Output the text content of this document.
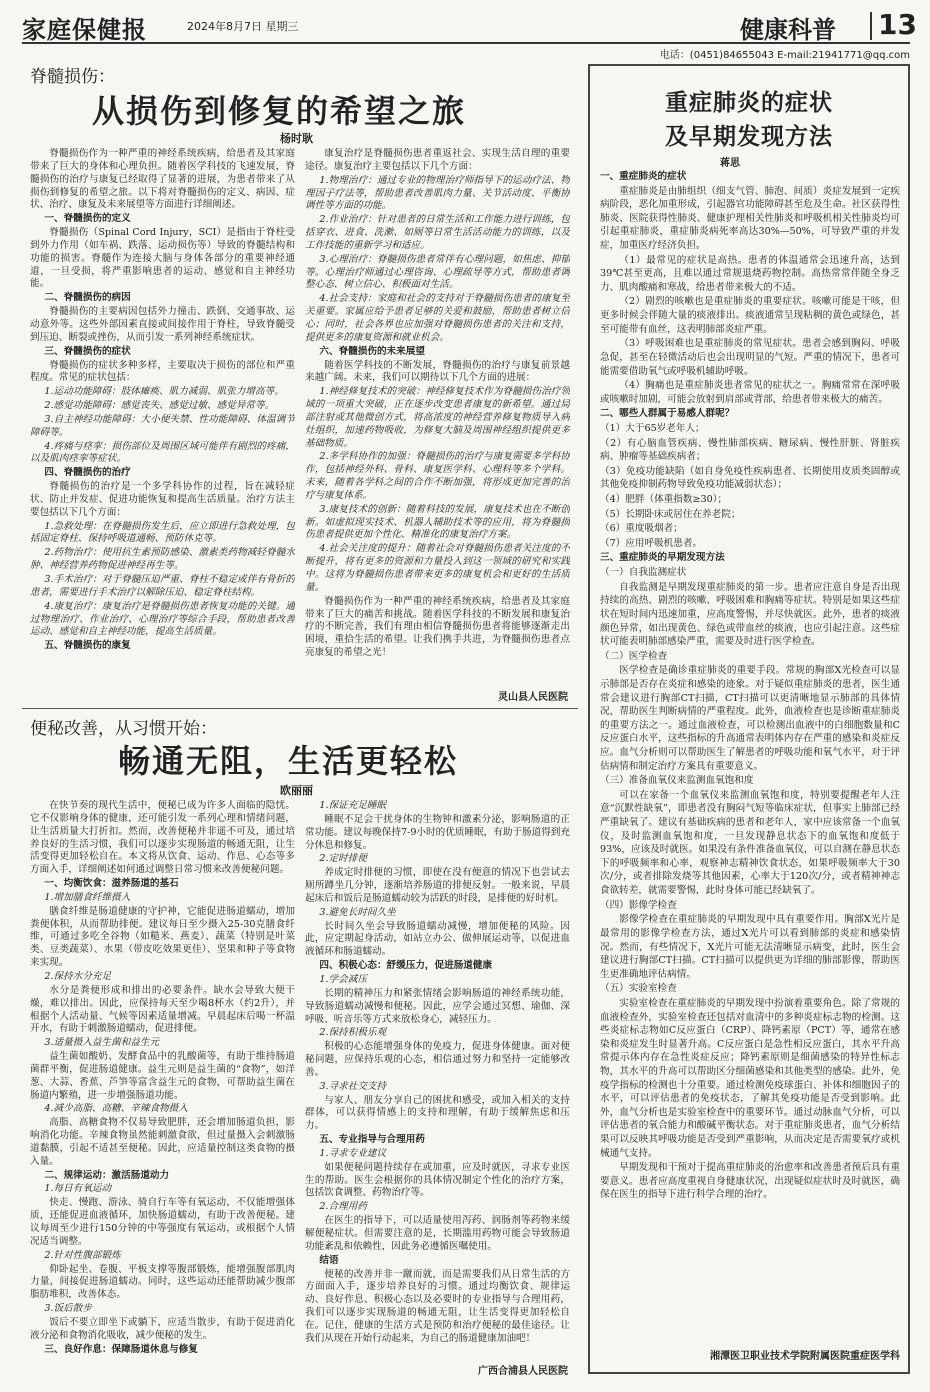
家庭保健报	2024年8月7日 星期三	健康科普 13
电话：(0451)84655043 E-mail:21941771@qq.com
脊髓损伤：
从损伤到修复的希望之旅
杨时耿

脊髓损伤作为一种严重的神经系统疾病，给患者及其家庭带来了巨大的身体和心理负担。随着医学科技的飞速发展，脊髓损伤的治疗与康复已经取得了显著的进展，为患者带来了从损伤到修复的希望之旅。以下将对脊髓损伤的定义、病因、症状、治疗、康复及未来展望等方面进行详细阐述。

一、脊髓损伤的定义

脊髓损伤（Spinal Cord Injury，SCI）是指由于脊柱受到外力作用（如车祸、跌落、运动损伤等）导致的脊髓结构和功能的损害。脊髓作为连接大脑与身体各部分的重要神经通道，一旦受损，将严重影响患者的运动、感觉和自主神经功能。

二、脊髓损伤的病因

脊髓损伤的主要病因包括外力撞击、跌倒、交通事故、运动意外等。这些外部因素直接或间接作用于脊柱，导致脊髓受到压迫、断裂或挫伤，从而引发一系列神经系统症状。

三、脊髓损伤的症状

脊髓损伤的症状多种多样，主要取决于损伤的部位和严重程度。常见的症状包括：

1.运动功能障碍：肢体瘫痪、肌力减弱、肌张力增高等。

2.感觉功能障碍：感觉丧失、感觉过敏、感觉异常等。

3.自主神经功能障碍：大小便失禁、性功能障碍、体温调节障碍等。

4.疼痛与痉挛：损伤部位及周围区域可能伴有剧烈的疼痛，以及肌肉痉挛等症状。

四、脊髓损伤的治疗

脊髓损伤的治疗是一个多学科协作的过程，旨在减轻症状、防止并发症、促进功能恢复和提高生活质量。治疗方法主要包括以下几个方面：

1.急救处理：在脊髓损伤发生后，应立即进行急救处理，包括固定脊柱、保持呼吸道通畅、预防休克等。

2.药物治疗：使用抗生素预防感染、激素类药物减轻脊髓水肿、神经营养药物促进神经再生等。

3.手术治疗：对于脊髓压迫严重、脊柱不稳定或伴有骨折的患者，需要进行手术治疗以解除压迫、稳定脊柱结构。

4.康复治疗：康复治疗是脊髓损伤患者恢复功能的关键。通过物理治疗、作业治疗、心理治疗等综合手段，帮助患者改善运动、感觉和自主神经功能，提高生活质量。

五、脊髓损伤的康复

康复治疗是脊髓损伤患者重返社会、实现生活自理的重要途径。康复治疗主要包括以下几个方面：

1.物理治疗：通过专业的物理治疗师指导下的运动疗法、物理因子疗法等，帮助患者改善肌肉力量、关节活动度、平衡协调性等方面的功能。

2.作业治疗：针对患者的日常生活和工作能力进行训练，包括穿衣、进食、洗漱、如厕等日常生活活动能力的训练，以及工作技能的重新学习和适应。

3.心理治疗：脊髓损伤患者常伴有心理问题，如焦虑、抑郁等。心理治疗师通过心理咨询、心理疏导等方式，帮助患者调整心态、树立信心、积极面对生活。

4.社会支持：家庭和社会的支持对于脊髓损伤患者的康复至关重要。家属应给予患者足够的关爱和鼓励，帮助患者树立信心；同时，社会各界也应加强对脊髓损伤患者的关注和支持，提供更多的康复资源和就业机会。

六、脊髓损伤的未来展望

随着医学科技的不断发展，脊髓损伤的治疗与康复前景越来越广阔。未来，我们可以期待以下几个方面的进展：

1.神经修复技术的突破：神经修复技术作为脊髓损伤治疗领域的一项重大突破，正在逐步改变患者康复的新希望。通过局部注射或其他微创方式，将高浓度的神经营养修复物质导入病灶组织，加速药物吸收，为修复大脑及周围神经组织提供更多基础物质。

2.多学科协作的加强：脊髓损伤的治疗与康复需要多学科协作，包括神经外科、骨科、康复医学科、心理科等多个学科。未来，随着各学科之间的合作不断加强，将形成更加完善的治疗与康复体系。

3.康复技术的创新：随着科技的发展，康复技术也在不断创新。如虚拟现实技术、机器人辅助技术等的应用，将为脊髓损伤患者提供更加个性化、精准化的康复治疗方案。

4.社会关注度的提升：随着社会对脊髓损伤患者关注度的不断提升，将有更多的资源和力量投入到这一领域的研究和实践中。这将为脊髓损伤患者带来更多的康复机会和更好的生活质量。

脊髓损伤作为一种严重的神经系统疾病，给患者及其家庭带来了巨大的痛苦和挑战。随着医学科技的不断发展和康复治疗的不断完善，我们有理由相信脊髓损伤患者将能够逐渐走出困境，重拾生活的希望。让我们携手共进，为脊髓损伤患者点亮康复的希望之光！

灵山县人民医院
便秘改善，从习惯开始：
畅通无阻，生活更轻松
欧丽丽

在快节奏的现代生活中，便秘已成为许多人面临的隐忧。它不仅影响身体的健康，还可能引发一系列心理和情绪问题，让生活质量大打折扣。然而，改善便秘并非遥不可及，通过培养良好的生活习惯，我们可以逐步实现肠道的畅通无阻，让生活变得更加轻松自在。本文将从饮食、运动、作息、心态等多方面入手，详细阐述如何通过调整日常习惯来改善便秘问题。

一、均衡饮食：滋养肠道的基石

1.增加膳食纤维摄入

膳食纤维是肠道健康的守护神，它能促进肠道蠕动，增加粪便体积，从而帮助排便。建议每日至少摄入25-30克膳食纤维，可通过多吃全谷物（如糙米、燕麦）、蔬菜（特别是叶菜类、豆类蔬菜）、水果（带皮吃效果更佳）、坚果和种子等食物来实现。

2.保持水分充足

水分是粪便形成和排出的必要条件。缺水会导致大便干燥，难以排出。因此，应保持每天至少喝8杯水（约2升），并根据个人活动量、气候等因素适量增减。早晨起床后喝一杯温开水，有助于刺激肠道蠕动，促进排便。

3.适量摄入益生菌和益生元

益生菌如酸奶、发酵食品中的乳酸菌等，有助于维持肠道菌群平衡，促进肠道健康。益生元则是益生菌的“食物”，如洋葱、大蒜、香蕉、芦笋等富含益生元的食物，可帮助益生菌在肠道内繁殖，进一步增强肠道功能。

4.减少高脂、高糖、辛辣食物摄入

高脂、高糖食物不仅易导致肥胖，还会增加肠道负担，影响消化功能。辛辣食物虽然能刺激食欲，但过量摄入会刺激肠道黏膜，引起不适甚至便秘。因此，应适量控制这类食物的摄入量。

二、规律运动：激活肠道动力

1.每日有氧运动

快走、慢跑、游泳、骑自行车等有氧运动，不仅能增强体质，还能促进血液循环，加快肠道蠕动，有助于改善便秘。建议每周至少进行150分钟的中等强度有氧运动，或根据个人情况适当调整。

2.针对性腹部锻炼

仰卧起坐、卷腹、平板支撑等腹部锻炼，能增强腹部肌肉力量，间接促进肠道蠕动。同时，这些运动还能帮助减少腹部脂肪堆积，改善体态。

3.饭后散步

饭后不要立即坐下或躺下，应适当散步，有助于促进消化液分泌和食物消化吸收，减少便秘的发生。

三、良好作息：保障肠道休息与修复

1.保证充足睡眠

睡眠不足会干扰身体的生物钟和激素分泌，影响肠道的正常功能。建议每晚保持7-9小时的优质睡眠，有助于肠道得到充分休息和修复。

2.定时排便

养成定时排便的习惯，即使在没有便意的情况下也尝试去厕所蹲坐几分钟，逐渐培养肠道的排便反射。一般来说，早晨起床后和饭后是肠道蠕动较为活跃的时段，是排便的好时机。

3.避免长时间久坐

长时间久坐会导致肠道蠕动减慢，增加便秘的风险。因此，应定期起身活动，如站立办公、做伸展运动等，以促进血液循环和肠道蠕动。

四、积极心态：舒缓压力，促进肠道健康

1.学会减压

长期的精神压力和紧张情绪会影响肠道的神经系统功能，导致肠道蠕动减慢和便秘。因此，应学会通过冥想、瑜伽、深呼吸、听音乐等方式来放松身心，减轻压力。

2.保持积极乐观

积极的心态能增强身体的免疫力，促进身体健康。面对便秘问题，应保持乐观的心态，相信通过努力和坚持一定能够改善。

3.寻求社交支持

与家人、朋友分享自己的困扰和感受，或加入相关的支持群体，可以获得情感上的支持和理解，有助于缓解焦虑和压力。

五、专业指导与合理用药

1.寻求专业建议

如果便秘问题持续存在或加重，应及时就医，寻求专业医生的帮助。医生会根据你的具体情况制定个性化的治疗方案，包括饮食调整、药物治疗等。

2.合理用药

在医生的指导下，可以适量使用泻药、润肠剂等药物来缓解便秘症状。但需要注意的是，长期滥用药物可能会导致肠道功能紊乱和依赖性，因此务必遵循医嘱使用。

结语

便秘的改善并非一蹴而就，而是需要我们从日常生活的方方面面入手，逐步培养良好的习惯。通过均衡饮食、规律运动、良好作息、积极心态以及必要时的专业指导与合理用药，我们可以逐步实现肠道的畅通无阻，让生活变得更加轻松自在。记住，健康的生活方式是预防和治疗便秘的最佳途径。让我们从现在开始行动起来，为自己的肠道健康加油吧！

广西合浦县人民医院
重症肺炎的症状
及早期发现方法
蒋思

一、重症肺炎的症状

重症肺炎是由肺组织（细支气管、肺泡、间质）炎症发展到一定疾病阶段，恶化加重形成，引起器官功能障碍甚至危及生命。社区获得性肺炎、医院获得性肺炎、健康护理相关性肺炎和呼吸机相关性肺炎均可引起重症肺炎，重症肺炎病死率高达30%—50%，可导致严重的并发症，加重医疗经济负担。

（1）最常见的症状是高热。患者的体温通常会迅速升高，达到39℃甚至更高，且难以通过常规退烧药物控制。高热常常伴随全身乏力、肌肉酸痛和寒战，给患者带来极大的不适。

（2）剧烈的咳嗽也是重症肺炎的重要症状。咳嗽可能是干咳，但更多时候会伴随大量的痰液排出。痰液通常呈现粘稠的黄色或绿色，甚至可能带有血丝，这表明肺部炎症严重。

（3）呼吸困难也是重症肺炎的常见症状。患者会感到胸闷、呼吸急促，甚至在轻微活动后也会出现明显的气短。严重的情况下，患者可能需要借助氧气或呼吸机辅助呼吸。

（4）胸痛也是重症肺炎患者常见的症状之一。胸痛常常在深呼吸或咳嗽时加剧，可能会放射到肩部或背部，给患者带来极大的痛苦。

二、哪些人群属于易感人群呢？

（1）大于65岁老年人；

（2）有心脑血管疾病、慢性肺部疾病、糖尿病、慢性肝脏、肾脏疾病、肿瘤等基础疾病者；

（3）免疫功能缺陷（如自身免疫性疾病患者、长期使用皮质类固醇或其他免疫抑制药物导致免疫功能减弱状态）；

（4）肥胖（体重指数≥30）；

（5）长期卧床或居住在养老院；

（6）重度吸烟者；

（7）应用呼吸机患者。

三、重症肺炎的早期发现方法

（一）自我监测症状

自我监测是早期发现重症肺炎的第一步。患者应注意自身是否出现持续的高热、剧烈的咳嗽、呼吸困难和胸痛等症状。特别是如果这些症状在短时间内迅速加重，应高度警惕，并尽快就医。此外，患者的痰液颜色异常，如出现黄色、绿色或带血丝的痰液，也应引起注意。这些症状可能表明肺部感染严重，需要及时进行医学检查。

（二）医学检查

医学检查是确诊重症肺炎的重要手段。常规的胸部X光检查可以显示肺部是否存在炎症和感染的迹象。对于疑似重症肺炎的患者，医生通常会建议进行胸部CT扫描，CT扫描可以更清晰地显示肺部的具体情况，帮助医生判断病情的严重程度。此外，血液检查也是诊断重症肺炎的重要方法之一。通过血液检查，可以检测出血液中的白细胞数量和C反应蛋白水平，这些指标的升高通常表明体内存在严重的感染和炎症反应。血气分析则可以帮助医生了解患者的呼吸功能和氧气水平，对于评估病情和制定治疗方案具有重要意义。

（三）准备血氧仪来监测血氧饱和度

可以在家备一个血氧仪来监测血氧饱和度，特别要提醒老年人注意“沉默性缺氧”，即患者没有胸闷气短等临床症状，但事实上肺部已经严重缺氧了。建议有基础疾病的患者和老年人，家中应该常备一个血氧仪，及时监测血氧饱和度，一旦发现静息状态下的血氧饱和度低于93%，应该及时就医。如果没有条件准备血氧仪，可以自测在静息状态下的呼吸频率和心率，观察神志精神饮食状态，如果呼吸频率大于30次/分，或者排除发烧等其他因素，心率大于120次/分，或者精神神志食欲转差，就需要警惕，此时身体可能已经缺氧了。

（四）影像学检查

影像学检查在重症肺炎的早期发现中具有重要作用。胸部X光片是最常用的影像学检查方法，通过X光片可以看到肺部的炎症和感染情况。然而，有些情况下，X光片可能无法清晰显示病变，此时，医生会建议进行胸部CT扫描。CT扫描可以提供更为详细的肺部影像，帮助医生更准确地评估病情。

（五）实验室检查

实验室检查在重症肺炎的早期发现中扮演着重要角色。除了常规的血液检查外，实验室检查还包括对血清中的多种炎症标志物的检测。这些炎症标志物如C反应蛋白（CRP）、降钙素原（PCT）等，通常在感染和炎症发生时显著升高。C反应蛋白是急性相反应蛋白，其水平升高常提示体内存在急性炎症反应；降钙素原则是细菌感染的特异性标志物，其水平的升高可以帮助区分细菌感染和其他类型的感染。此外，免疫学指标的检测也十分重要。通过检测免疫球蛋白、补体和细胞因子的水平，可以评估患者的免疫状态，了解其免疫功能是否受到影响。此外，血气分析也是实验室检查中的重要环节。通过动脉血气分析，可以评估患者的氧合能力和酸碱平衡状态。对于重症肺炎患者，血气分析结果可以反映其呼吸功能是否受到严重影响，从而决定是否需要氧疗或机械通气支持。

早期发现和干预对于提高重症肺炎的治愈率和改善患者预后具有重要意义。患者应高度重视自身健康状况，出现疑似症状时及时就医，确保在医生的指导下进行科学合理的治疗。

湘潭医卫职业技术学院附属医院重症医学科
